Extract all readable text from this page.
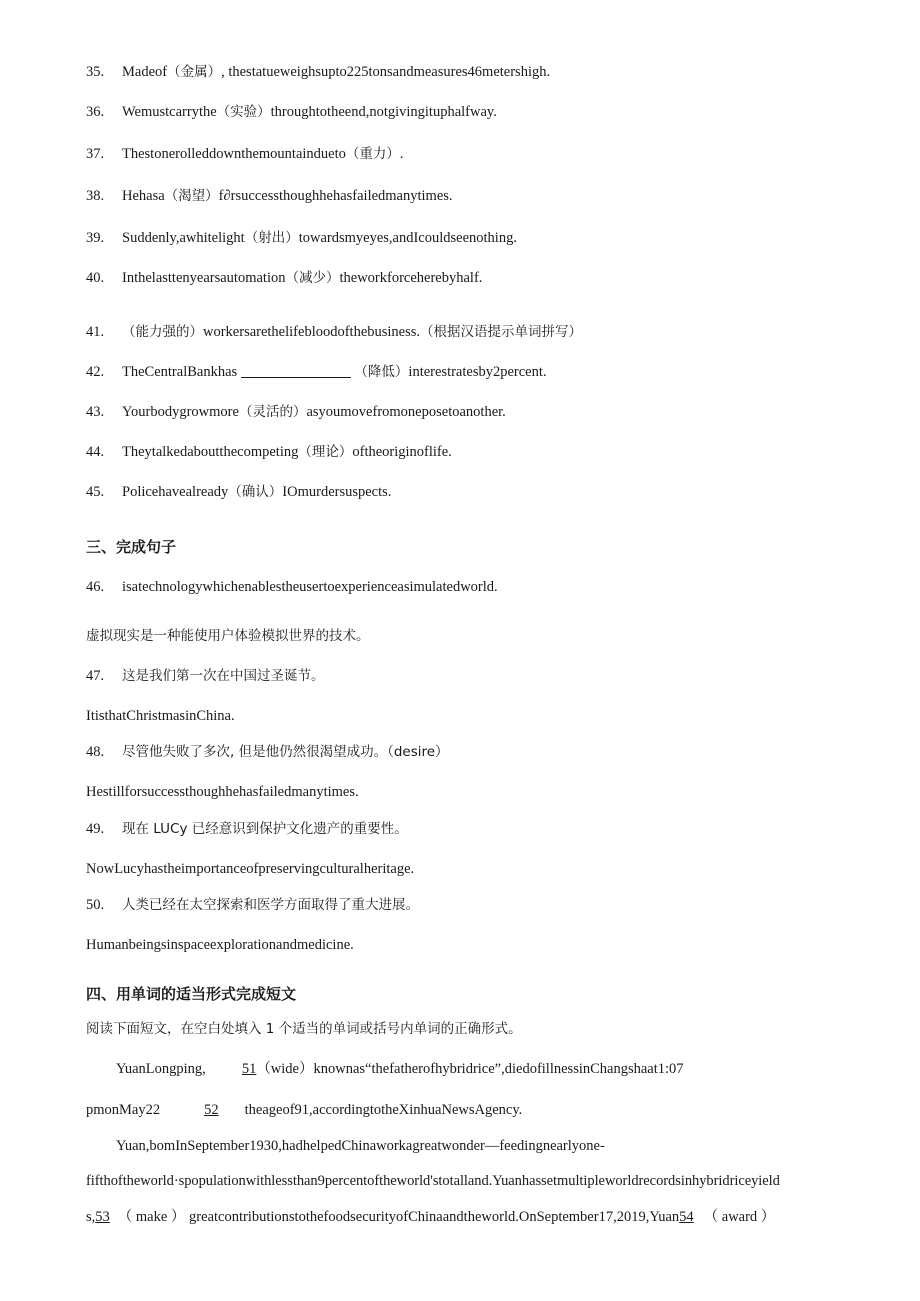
35. Madeof（金属）, thestatueweighsupto225tonsandmeasures46metershigh.
36. Wemustcarrythe（实验）throughtotheend,notgivingituphalfway.
37. Thestonerolleddownthemountaindueto（重力）.
38. Hehasa（渴望）f∂rsuccessthoughhehasfailedmanytimes.
39. Suddenly,awhitelight（射出）towardsmyeyes,andIcouldseenothing.
40. Inthelasttenyearsautomation（减少）theworkforceherebyhalf.
41. （能力强的）workersarethelifebloodofthebusiness.（根据汉语提示单词拼写）
42. TheCentralBankhas	（降低）interestratesby2percent.
43. Yourbodygrowmore（灵活的）asyoumovefromoneposetoanother.
44. Theytalkedaboutthecompeting（理论）oftheoriginoflife.
45. Policehavealready（确认）IOmurdersuspects.
三、完成句子
46. isatechnologywhichenablestheusertoexperienceasimulatedworld.
虚拟现实是一种能使用户体验模拟世界的技术。
47. 这是我们第一次在中国过圣诞节。
ItisthatChristmasinChina.
48. 尽管他失败了多次, 但是他仍然很渴望成功。（desire）
Hestillforsuccessthoughhehasfailedmanytimes.
49. 现在 LUCy 已经意识到保护文化遗产的重要性。
NowLucyhastheimportanceofpreservingculturalheritage.
50. 人类已经在太空探索和医学方面取得了重大进展。
Humanbeingsinspaceexplorationandmedicine.
四、用单词的适当形式完成短文
阅读下面短文，在空白处填入 1 个适当的单词或括号内单词的正确形式。
YuanLongping, 51（wide）knownas“thefatherofhybridrice”,diedofillnessinChangshaat1:07
pmonMay22	52 theageof91,accordingtotheXinhuaNewsAgency.
Yuan,bomInSeptember1930,hadhelpedChinaworkagreatwonder—feedingnearlyone-
fifthoftheworld·spopulationwithlessthan9percentoftheworld'stotalland.Yuanhassetmultipleworldrecordsinhybridriceyield
s,53 （ make ） greatcontributionstothefoodsecurityofChinaandtheworld.OnSeptember17,2019,Yuan54 （ award ）
